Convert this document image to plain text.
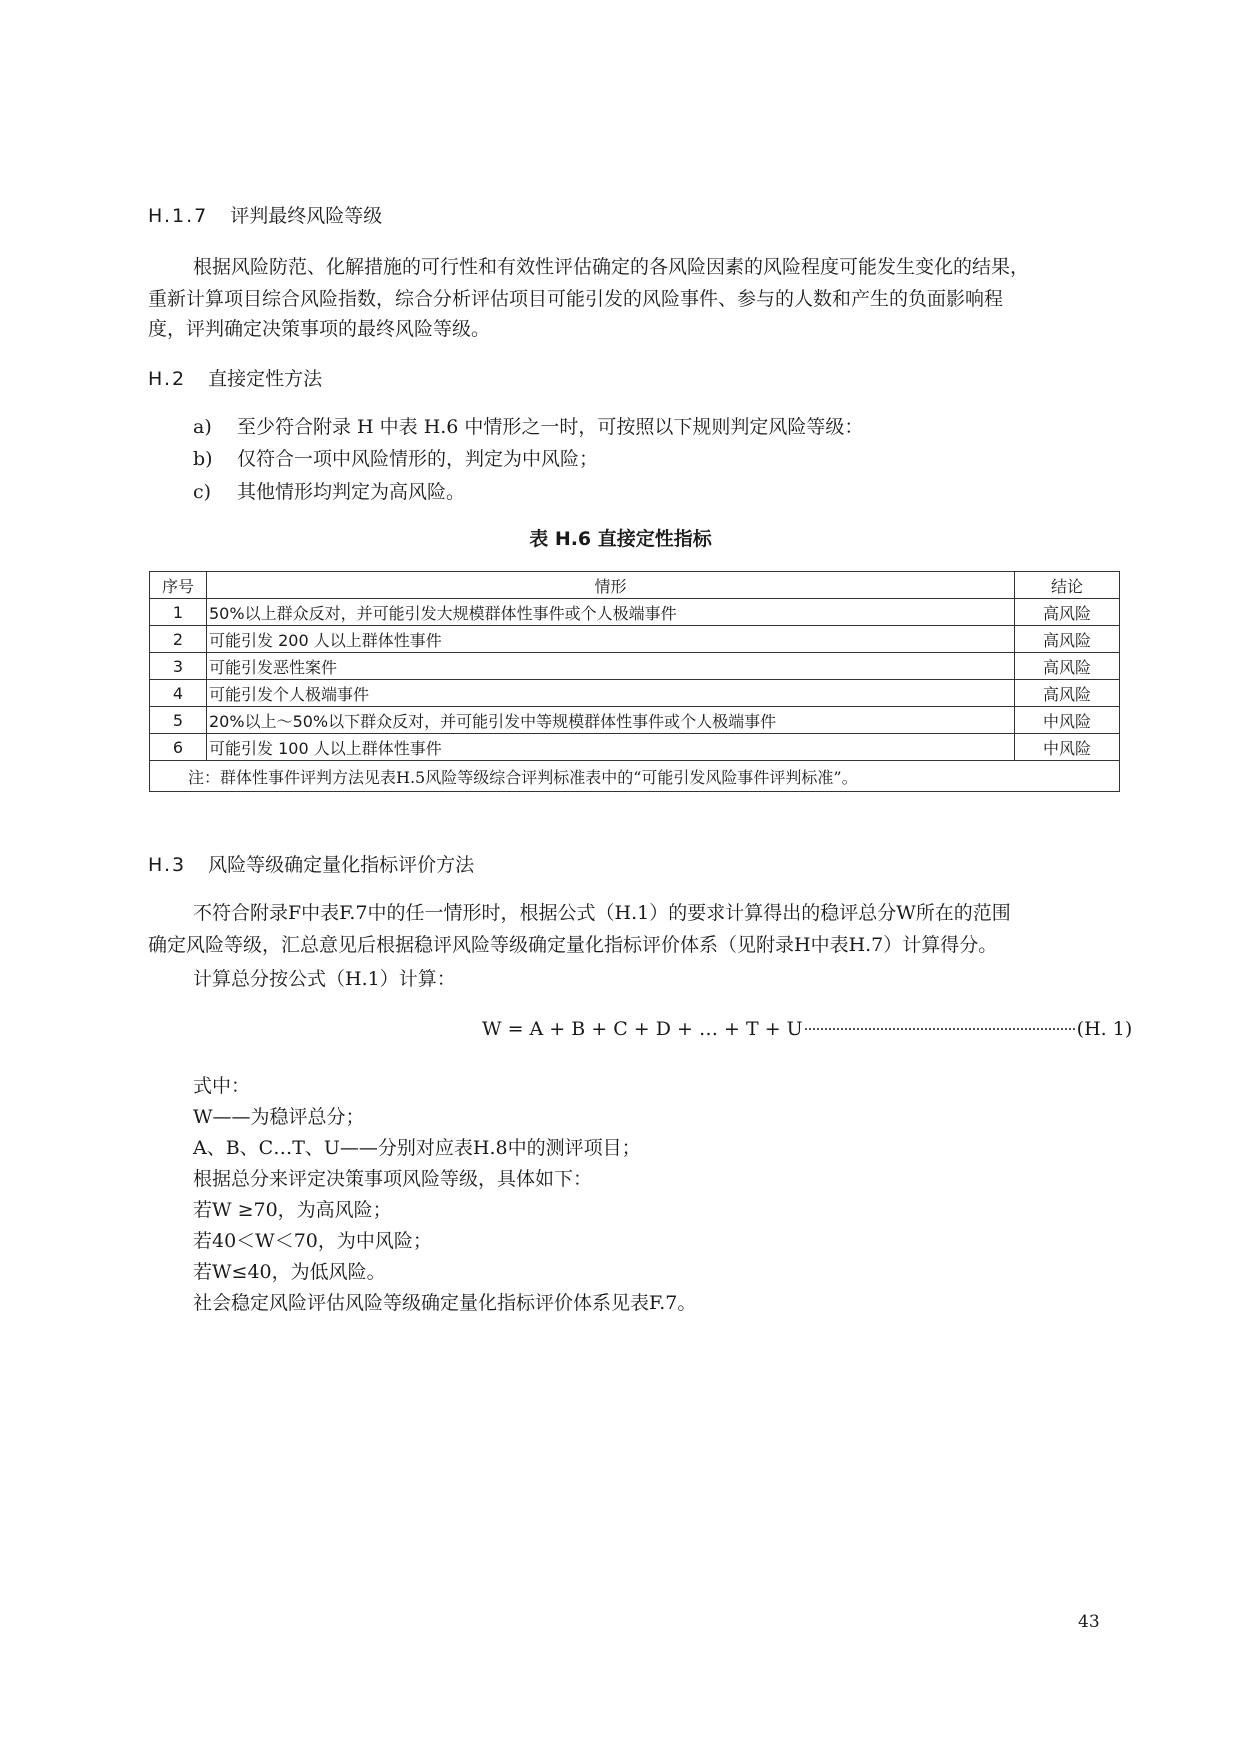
H.1.7 评判最终风险等级
根据风险防范、化解措施的可行性和有效性评估确定的各风险因素的风险程度可能发生变化的结果，
重新计算项目综合风险指数，综合分析评估项目可能引发的风险事件、参与的人数和产生的负面影响程
度，评判确定决策事项的最终风险等级。
H.2 直接定性方法
a) 至少符合附录 H 中表 H.6 中情形之一时，可按照以下规则判定风险等级：
b) 仅符合一项中风险情形的，判定为中风险；
c) 其他情形均判定为高风险。
表 H.6 直接定性指标
序号	情形	结论
1	50%以上群众反对，并可能引发大规模群体性事件或个人极端事件	高风险
2	可能引发 200 人以上群体性事件	高风险
3	可能引发恶性案件	高风险
4	可能引发个人极端事件	高风险
5	20%以上～50%以下群众反对，并可能引发中等规模群体性事件或个人极端事件	中风险
6	可能引发 100 人以上群体性事件	中风险
注：群体性事件评判方法见表H.5风险等级综合评判标准表中的“可能引发风险事件评判标准”。		
H.3 风险等级确定量化指标评价方法
不符合附录F中表F.7中的任一情形时，根据公式（H.1）的要求计算得出的稳评总分W所在的范围
确定风险等级，汇总意见后根据稳评风险等级确定量化指标评价体系（见附录H中表H.7）计算得分。
计算总分按公式（H.1）计算：
W = A + B + C + D + … + T + U	(H. 1)
式中：
W——为稳评总分；
A、B、C…T、U——分别对应表H.8中的测评项目；
根据总分来评定决策事项风险等级，具体如下：
若W ≥70，为高风险；
若40＜W＜70，为中风险；
若W≤40，为低风险。
社会稳定风险评估风险等级确定量化指标评价体系见表F.7。
43
